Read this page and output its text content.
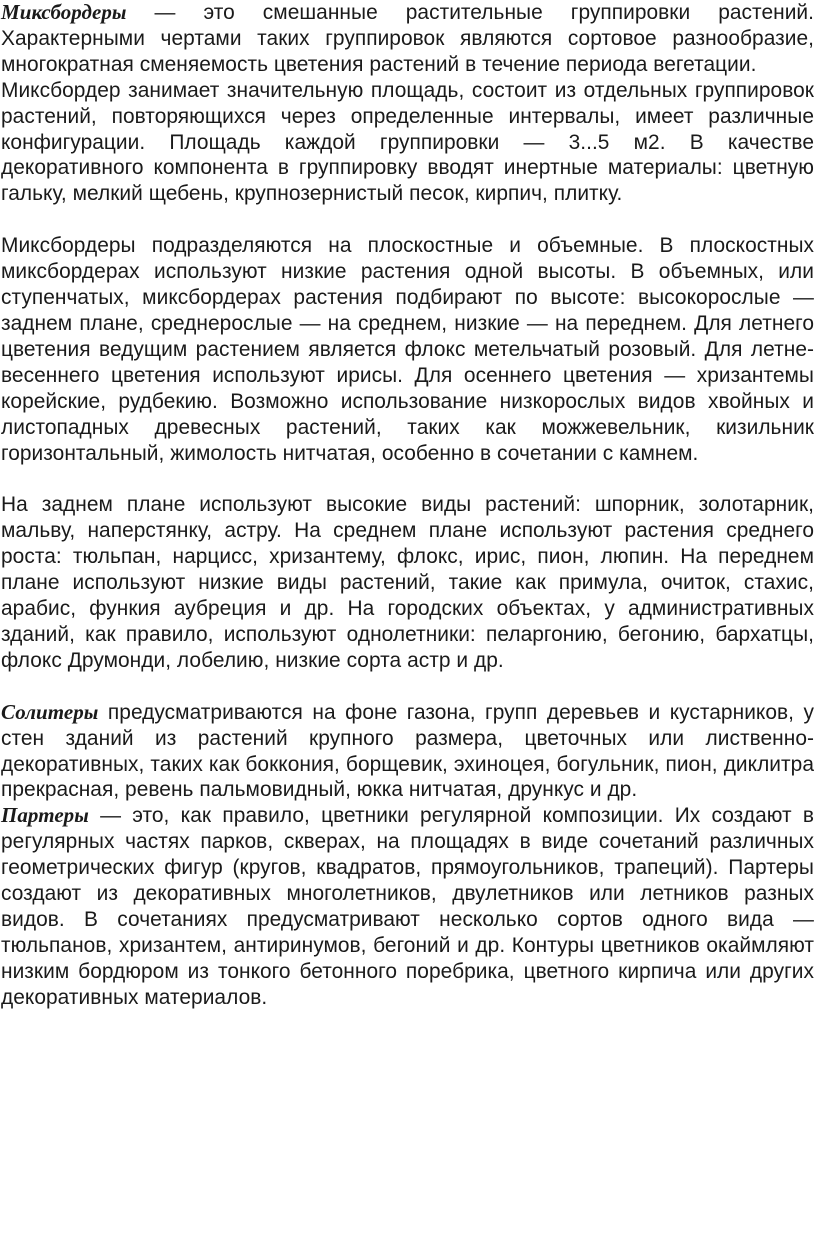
Миксбордеры — это смешанные растительные группировки растений. Характерными чертами таких группировок являются сортовое разнообразие, многократная сменяемость цветения растений в течение периода вегетации.

Миксбордер занимает значительную площадь, состоит из отдельных группировок растений, повторяющихся через определенные интервалы, имеет различные конфигурации. Площадь каждой группировки — 3...5 м2. В качестве декоративного компонента в группировку вводят инертные материалы: цветную гальку, мелкий щебень, крупнозернистый песок, кирпич, плитку.

Миксбордеры подразделяются на плоскостные и объемные. В плоскостных миксбордерах используют низкие растения одной высоты. В объемных, или ступенчатых, миксбордерах растения подбирают по высоте: высокорослые — заднем плане, среднерослые — на среднем, низкие — на переднем. Для летнего цветения ведущим растением является флокс метельчатый розовый. Для летне-весеннего цветения используют ирисы. Для осеннего цветения — хризантемы корейские, рудбекию. Возможно использование низкорослых видов хвойных и листопадных древесных растений, таких как можжевельник, кизильник горизонтальный, жимолость нитчатая, особенно в сочетании с камнем.

На заднем плане используют высокие виды растений: шпорник, золотарник, мальву, наперстянку, астру. На среднем плане используют растения среднего роста: тюльпан, нарцисс, хризантему, флокс, ирис, пион, люпин. На переднем плане используют низкие виды растений, такие как примула, очиток, стахис, арабис, функия аубреция и др. На городских объектах, у административных зданий, как правило, используют однолетники: пеларгонию, бегонию, бархатцы, флокс Друмонди, лобелию, низкие сорта астр и др.

Солитеры предусматриваются на фоне газона, групп деревьев и кустарников, у стен зданий из растений крупного размера, цветочных или лиственно-декоративных, таких как боккония, борщевик, эхиноцея, богульник, пион, диклитра прекрасная, ревень пальмовидный, юкка нитчатая, дрункус и др.

Партеры — это, как правило, цветники регулярной композиции. Их создают в регулярных частях парков, скверах, на площадях в виде сочетаний различных геометрических фигур (кругов, квадратов, прямоугольников, трапеций). Партеры создают из декоративных многолетников, двулетников или летников разных видов. В сочетаниях предусматривают несколько сортов одного вида — тюльпанов, хризантем, антиринумов, бегоний и др. Контуры цветников окаймляют низким бордюром из тонкого бетонного поребрика, цветного кирпича или других декоративных материалов.
